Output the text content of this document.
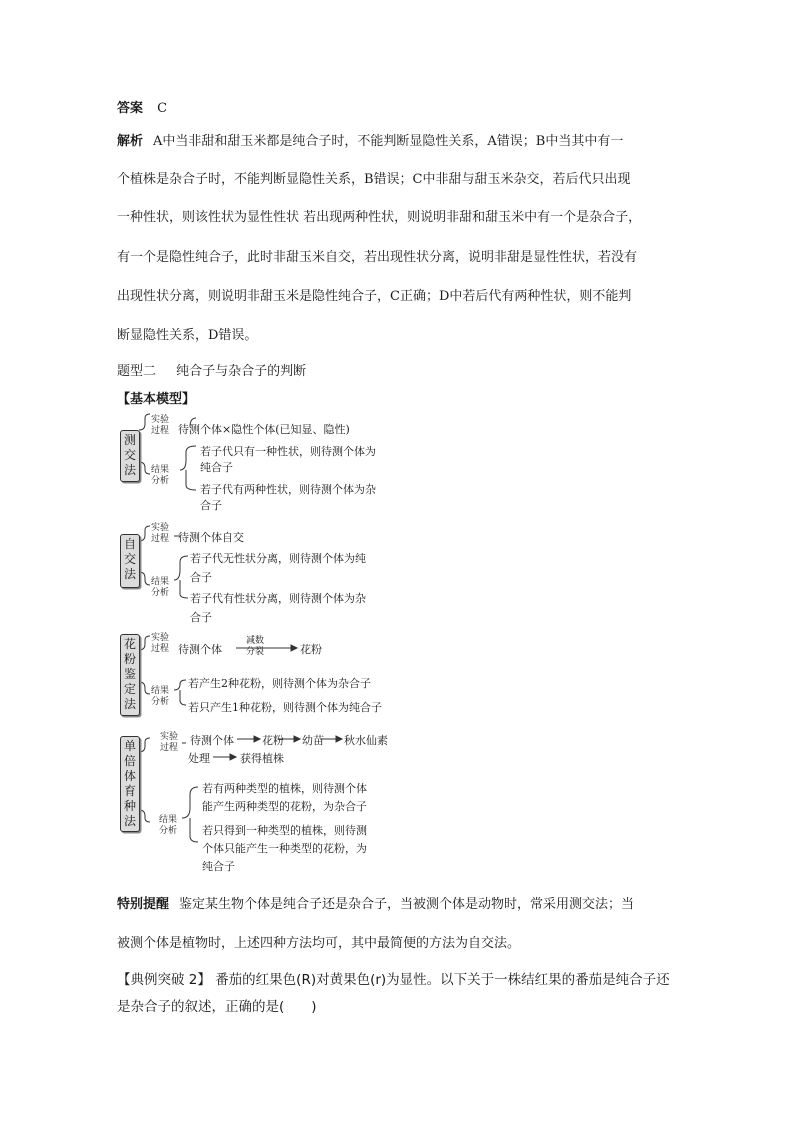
答案 C
解析 A中当非甜和甜玉米都是纯合子时，不能判断显隐性关系，A错误；B中当其中有一
个植株是杂合子时，不能判断显隐性关系，B错误；C中非甜与甜玉米杂交，若后代只出现
一种性状，则该性状为显性性状 若出现两种性状，则说明非甜和甜玉米中有一个是杂合子，
有一个是隐性纯合子，此时非甜玉米自交，若出现性状分离，说明非甜是显性性状，若没有
出现性状分离，则说明非甜玉米是隐性纯合子，C正确；D中若后代有两种性状，则不能判
断显隐性关系，D错误。
题型二 纯合子与杂合子的判断
【基本模型】
测
交
法
实验
过程 待测个体×隐性个体(已知显、隐性)
结果
分析
若子代只有一种性状，则待测个体为
纯合子
若子代有两种性状，则待测个体为杂
合子
自
交
法
实验
过程 待测个体自交
结果
分析
若子代无性状分离，则待测个体为纯
合子
若子代有性状分离，则待测个体为杂
合子
花
粉
鉴
定
法
实验
过程 待测个体
减数
分裂	花粉
结果
分析
若产生2种花粉，则待测个体为杂合子
若只产生1种花粉，则待测个体为纯合子
单
倍
体
育
种
法
实验
过程
待测个体	花粉 幼苗 秋水仙素
处理	获得植株
结果
分析
若有两种类型的植株，则待测个体
能产生两种类型的花粉，为杂合子
若只得到一种类型的植株，则待测
个体只能产生一种类型的花粉，为
纯合子
特别提醒 鉴定某生物个体是纯合子还是杂合子，当被测个体是动物时，常采用测交法；当
被测个体是植物时，上述四种方法均可，其中最简便的方法为自交法。
【典例突破 2】 番茄的红果色(R)对黄果色(r)为显性。以下关于一株结红果的番茄是纯合子还
是杂合子的叙述，正确的是(　　)
